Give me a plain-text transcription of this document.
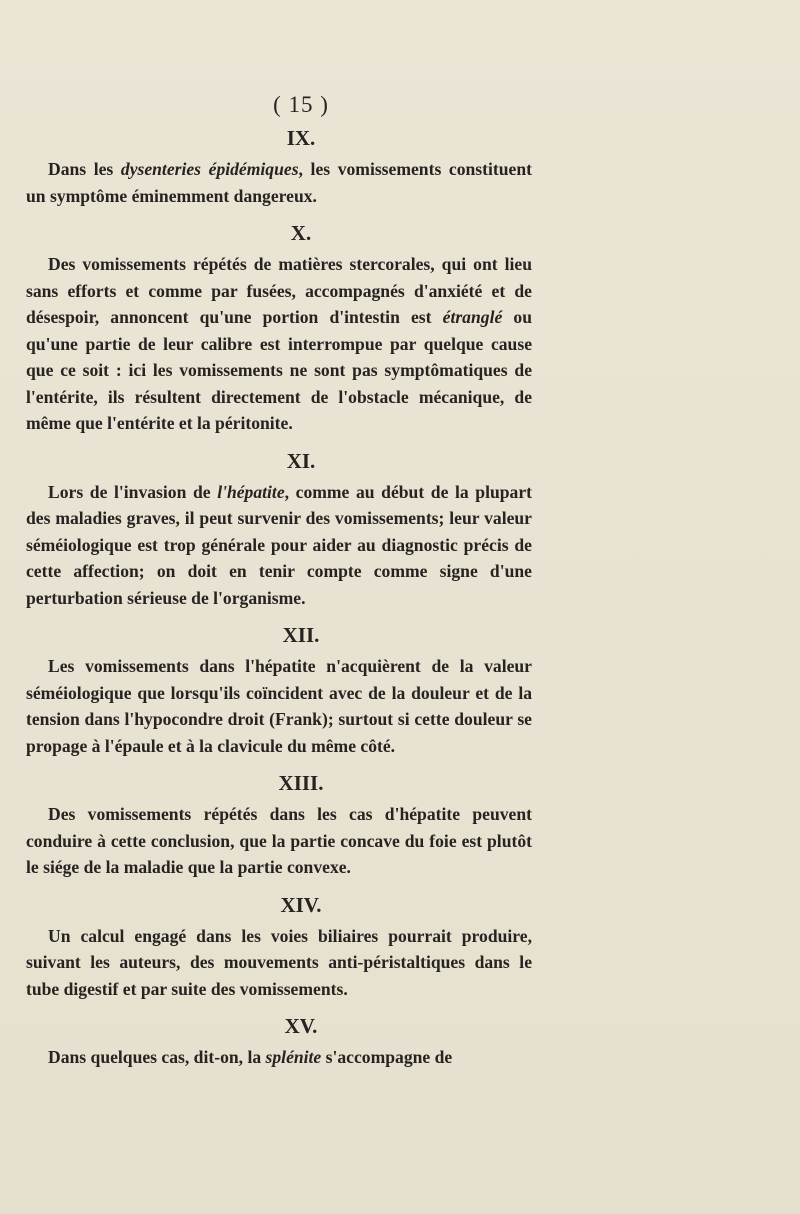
( 15 )
IX.

Dans les dysenteries épidémiques, les vomissements constituent un symptôme éminemment dangereux.

X.

Des vomissements répétés de matières stercorales, qui ont lieu sans efforts et comme par fusées, accompagnés d'anxiété et de désespoir, annoncent qu'une portion d'intestin est étranglé ou qu'une partie de leur calibre est interrompue par quelque cause que ce soit : ici les vomissements ne sont pas symptômatiques de l'entérite, ils résultent directement de l'obstacle mécanique, de même que l'entérite et la péritonite.

XI.

Lors de l'invasion de l'hépatite, comme au début de la plupart des maladies graves, il peut survenir des vomissements; leur valeur séméiologique est trop générale pour aider au diagnostic précis de cette affection; on doit en tenir compte comme signe d'une perturbation sérieuse de l'organisme.

XII.

Les vomissements dans l'hépatite n'acquièrent de la valeur séméiologique que lorsqu'ils coïncident avec de la douleur et de la tension dans l'hypocondre droit (Frank); surtout si cette douleur se propage à l'épaule et à la clavicule du même côté.

XIII.

Des vomissements répétés dans les cas d'hépatite peuvent conduire à cette conclusion, que la partie concave du foie est plutôt le siége de la maladie que la partie convexe.

XIV.

Un calcul engagé dans les voies biliaires pourrait produire, suivant les auteurs, des mouvements anti-péristaltiques dans le tube digestif et par suite des vomissements.

XV.

Dans quelques cas, dit-on, la splénite s'accompagne de
